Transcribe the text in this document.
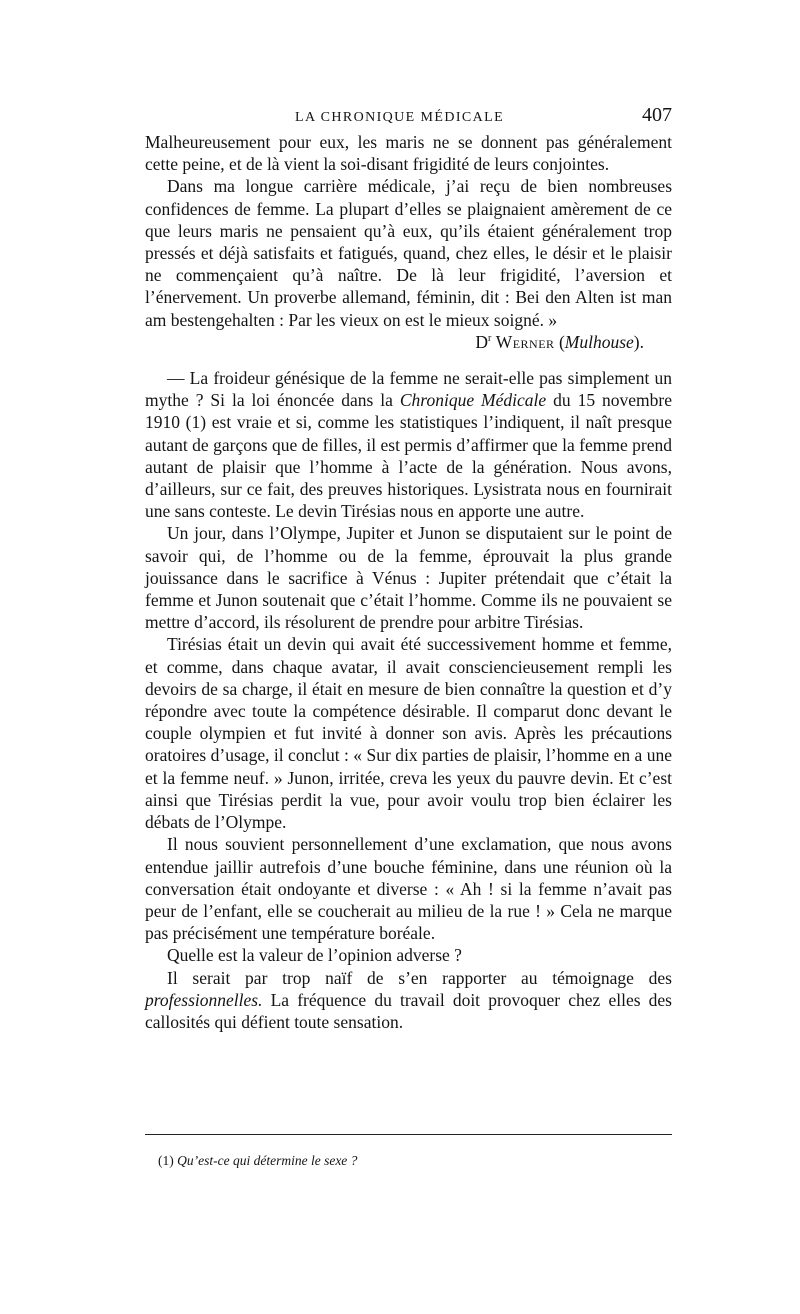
LA CHRONIQUE MÉDICALE	407

Malheureusement pour eux, les maris ne se donnent pas généralement cette peine, et de là vient la soi-disant frigidité de leurs conjointes.

Dans ma longue carrière médicale, j’ai reçu de bien nombreuses confidences de femme. La plupart d’elles se plaignaient amèrement de ce que leurs maris ne pensaient qu’à eux, qu’ils étaient généralement trop pressés et déjà satisfaits et fatigués, quand, chez elles, le désir et le plaisir ne commençaient qu’à naître. De là leur frigidité, l’aversion et l’énervement. Un proverbe allemand, féminin, dit : Bei den Alten ist man am bestengehalten : Par les vieux on est le mieux soigné. »

$D^r$ Werner (Mulhouse).

— La froideur génésique de la femme ne serait-elle pas simplement un mythe ? Si la loi énoncée dans la Chronique Médicale du 15 novembre 1910 (1) est vraie et si, comme les statistiques l’indiquent, il naît presque autant de garçons que de filles, il est permis d’affirmer que la femme prend autant de plaisir que l’homme à l’acte de la génération. Nous avons, d’ailleurs, sur ce fait, des preuves historiques. Lysistrata nous en fournirait une sans conteste. Le devin Tirésias nous en apporte une autre.

Un jour, dans l’Olympe, Jupiter et Junon se disputaient sur le point de savoir qui, de l’homme ou de la femme, éprouvait la plus grande jouissance dans le sacrifice à Vénus : Jupiter prétendait que c’était la femme et Junon soutenait que c’était l’homme. Comme ils ne pouvaient se mettre d’accord, ils résolurent de prendre pour arbitre Tirésias.

Tirésias était un devin qui avait été successivement homme et femme, et comme, dans chaque avatar, il avait consciencieusement rempli les devoirs de sa charge, il était en mesure de bien connaître la question et d’y répondre avec toute la compétence désirable. Il comparut donc devant le couple olympien et fut invité à donner son avis. Après les précautions oratoires d’usage, il conclut : « Sur dix parties de plaisir, l’homme en a une et la femme neuf. » Junon, irritée, creva les yeux du pauvre devin. Et c’est ainsi que Tirésias perdit la vue, pour avoir voulu trop bien éclairer les débats de l’Olympe.

Il nous souvient personnellement d’une exclamation, que nous avons entendue jaillir autrefois d’une bouche féminine, dans une réunion où la conversation était ondoyante et diverse : « Ah ! si la femme n’avait pas peur de l’enfant, elle se coucherait au milieu de la rue ! » Cela ne marque pas précisément une température boréale.

Quelle est la valeur de l’opinion adverse ?

Il serait par trop naïf de s’en rapporter au témoignage des professionnelles. La fréquence du travail doit provoquer chez elles des callosités qui défient toute sensation.

(1) Qu’est-ce qui détermine le sexe ?
